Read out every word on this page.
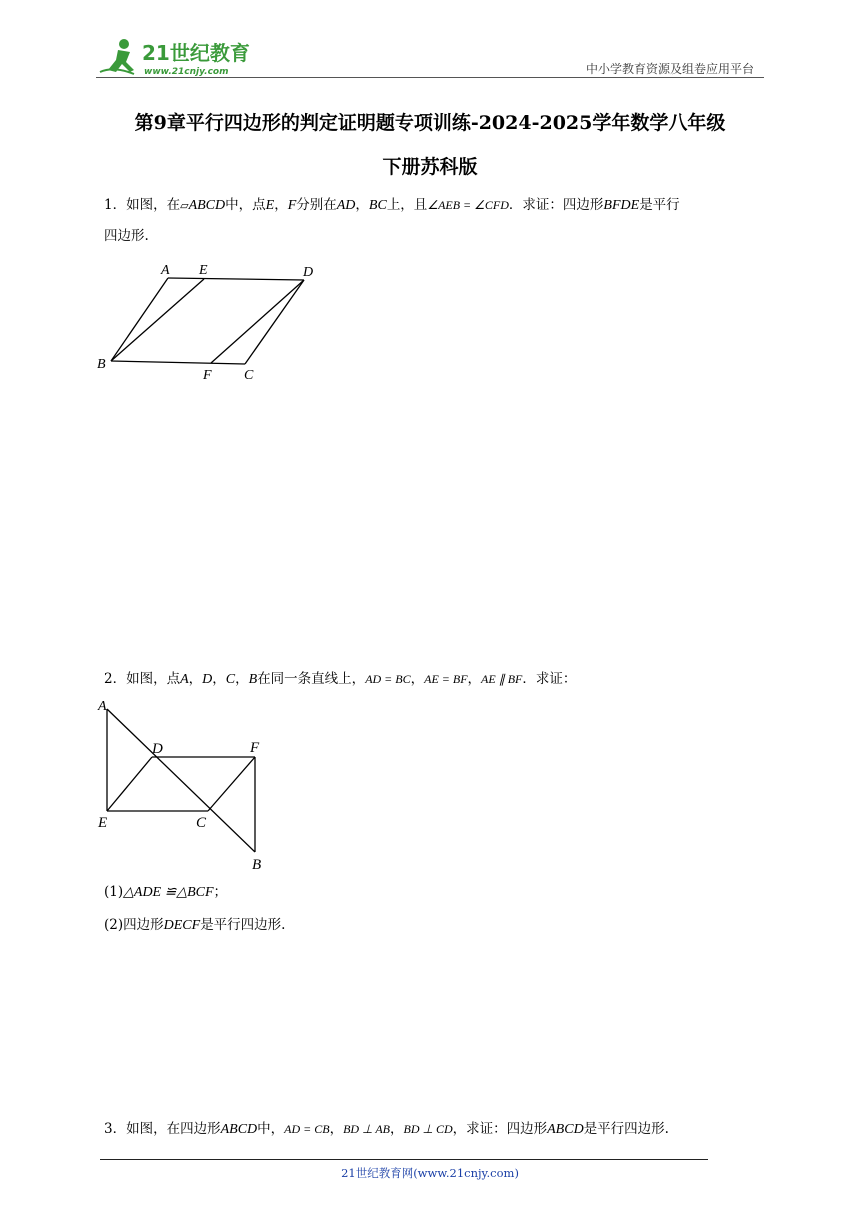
21世纪教育
www.21cnjy.com	中小学教育资源及组卷应用平台
第9章平行四边形的判定证明题专项训练-2024-2025学年数学八年级
下册苏科版
1．如图，在▱ABCD中，点E，F分别在AD，BC上，且∠AEB = ∠CFD．求证：四边形BFDE是平行
四边形.
A E	D
B
F C
2．如图，点A，D，C，B在同一条直线上，AD = BC，AE = BF，AE ∥ BF．求证：
A
D	F
E	C
B
(1)△ADE ≌△BCF；
(2)四边形DECF是平行四边形.
3．如图，在四边形ABCD中，AD = CB，BD ⊥ AB，BD ⊥ CD，求证：四边形ABCD是平行四边形.
21世纪教育网(www.21cnjy.com)
